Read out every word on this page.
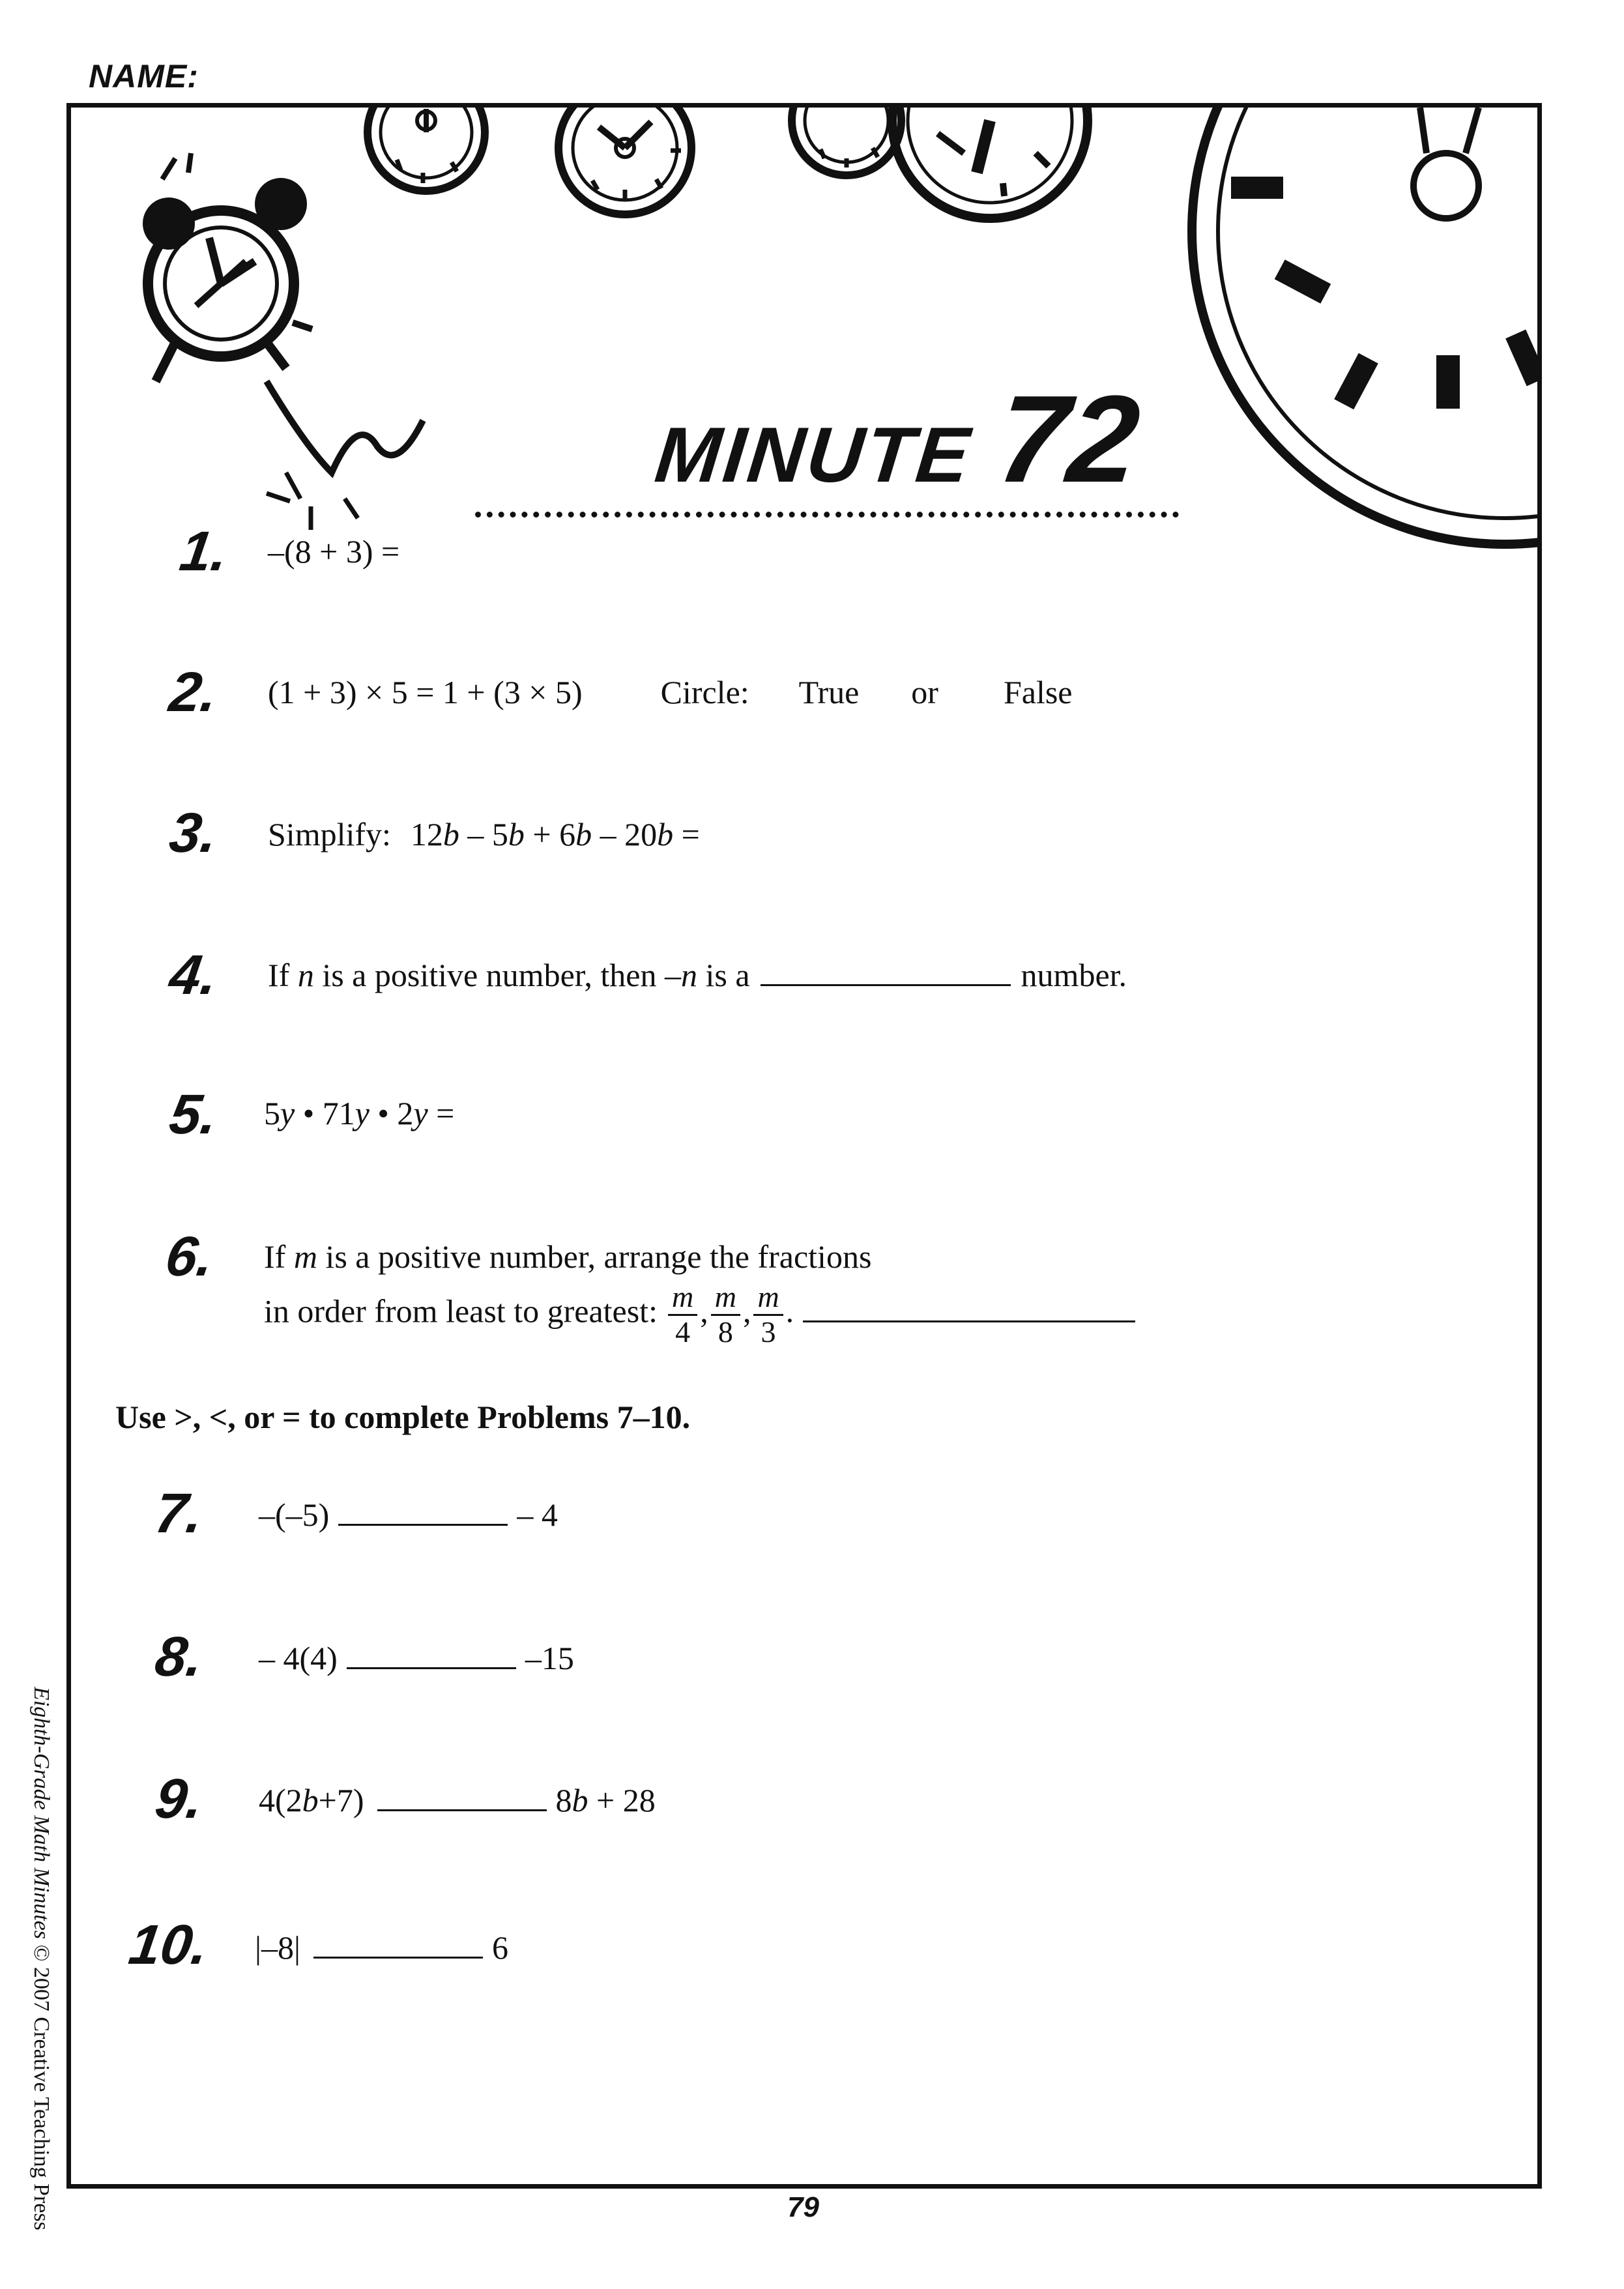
NAME:
MINUTE 72
1. –(8 + 3) =
2. (1 + 3) × 5 = 1 + (3 × 5) Circle: True or False
3. Simplify: 12b – 5b + 6b – 20b =
4. If n is a positive number, then –n is a	number.
5. 5y • 71y • 2y =
6. If m is a positive number, arrange the fractions
in order from least to greatest: $\frac{m}{4}$ , $\frac{m}{8}$ , $\frac{m}{3}$ .
Use >, <, or = to complete Problems 7–10.
7. –(–5)	– 4
8. – 4(4)	–15
9. 4(2b+7)	8b + 28
10. |–8|	6
79
Eighth-Grade Math Minutes © 2007 Creative Teaching Press
